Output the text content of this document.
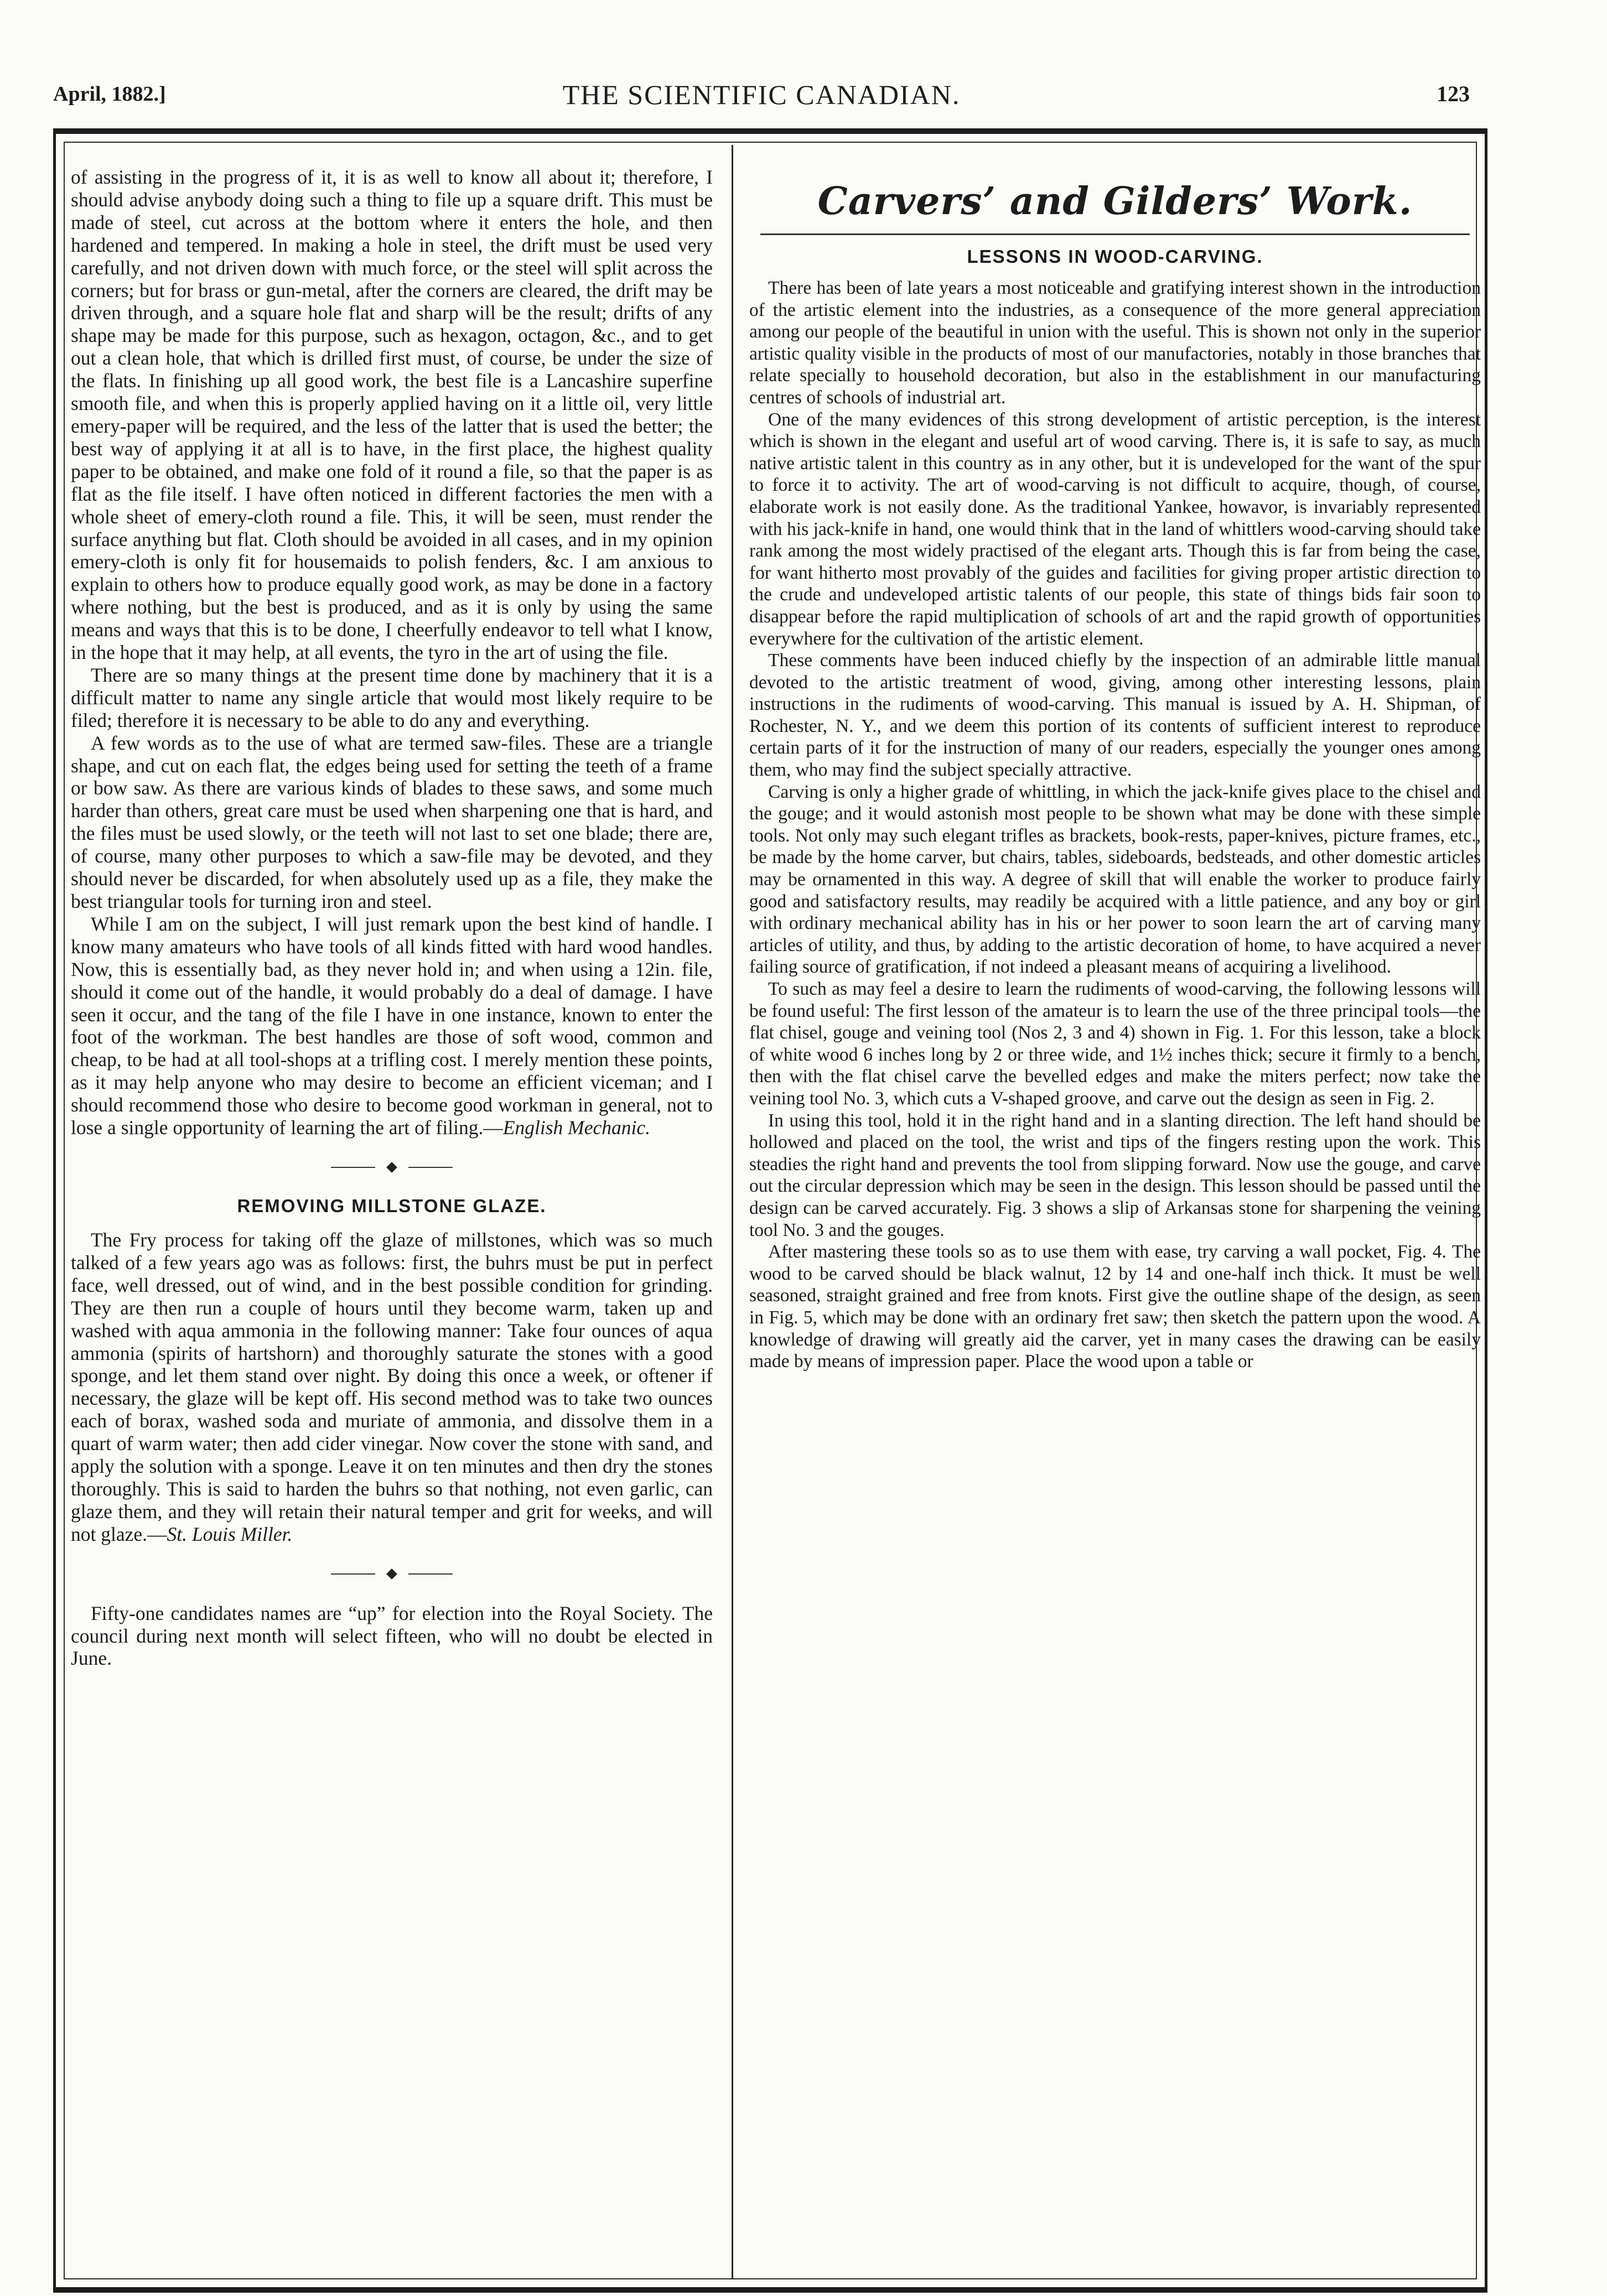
April, 1882.]	THE SCIENTIFIC CANADIAN.	123

of assisting in the progress of it, it is as well to know all about it; therefore, I should advise anybody doing such a thing to file up a square drift. This must be made of steel, cut across at the bottom where it enters the hole, and then hardened and tempered. In making a hole in steel, the drift must be used very carefully, and not driven down with much force, or the steel will split across the corners; but for brass or gun-metal, after the corners are cleared, the drift may be driven through, and a square hole flat and sharp will be the result; drifts of any shape may be made for this purpose, such as hexagon, octagon, &c., and to get out a clean hole, that which is drilled first must, of course, be under the size of the flats. In finishing up all good work, the best file is a Lancashire superfine smooth file, and when this is properly applied having on it a little oil, very little emery-paper will be required, and the less of the latter that is used the better; the best way of applying it at all is to have, in the first place, the highest quality paper to be obtained, and make one fold of it round a file, so that the paper is as flat as the file itself. I have often noticed in different factories the men with a whole sheet of emery-cloth round a file. This, it will be seen, must render the surface anything but flat. Cloth should be avoided in all cases, and in my opinion emery-cloth is only fit for housemaids to polish fenders, &c. I am anxious to explain to others how to produce equally good work, as may be done in a factory where nothing, but the best is produced, and as it is only by using the same means and ways that this is to be done, I cheerfully endeavor to tell what I know, in the hope that it may help, at all events, the tyro in the art of using the file.

There are so many things at the present time done by machinery that it is a difficult matter to name any single article that would most likely require to be filed; therefore it is necessary to be able to do any and everything.

A few words as to the use of what are termed saw-files. These are a triangle shape, and cut on each flat, the edges being used for setting the teeth of a frame or bow saw. As there are various kinds of blades to these saws, and some much harder than others, great care must be used when sharpening one that is hard, and the files must be used slowly, or the teeth will not last to set one blade; there are, of course, many other purposes to which a saw-file may be devoted, and they should never be discarded, for when absolutely used up as a file, they make the best triangular tools for turning iron and steel.

While I am on the subject, I will just remark upon the best kind of handle. I know many amateurs who have tools of all kinds fitted with hard wood handles. Now, this is essentially bad, as they never hold in; and when using a 12in. file, should it come out of the handle, it would probably do a deal of damage. I have seen it occur, and the tang of the file I have in one instance, known to enter the foot of the workman. The best handles are those of soft wood, common and cheap, to be had at all tool-shops at a trifling cost. I merely mention these points, as it may help anyone who may desire to become an efficient viceman; and I should recommend those who desire to become good workman in general, not to lose a single opportunity of learning the art of filing.—English Mechanic.

REMOVING MILLSTONE GLAZE.

The Fry process for taking off the glaze of millstones, which was so much talked of a few years ago was as follows: first, the buhrs must be put in perfect face, well dressed, out of wind, and in the best possible condition for grinding. They are then run a couple of hours until they become warm, taken up and washed with aqua ammonia in the following manner: Take four ounces of aqua ammonia (spirits of hartshorn) and thoroughly saturate the stones with a good sponge, and let them stand over night. By doing this once a week, or oftener if necessary, the glaze will be kept off. His second method was to take two ounces each of borax, washed soda and muriate of ammonia, and dissolve them in a quart of warm water; then add cider vinegar. Now cover the stone with sand, and apply the solution with a sponge. Leave it on ten minutes and then dry the stones thoroughly. This is said to harden the buhrs so that nothing, not even garlic, can glaze them, and they will retain their natural temper and grit for weeks, and will not glaze.—St. Louis Miller.

Fifty-one candidates names are “up” for election into the Royal Society. The council during next month will select fifteen, who will no doubt be elected in June.

Carvers’ and Gilders’ Work.
LESSONS IN WOOD-CARVING.

There has been of late years a most noticeable and gratifying interest shown in the introduction of the artistic element into the industries, as a consequence of the more general appreciation among our people of the beautiful in union with the useful. This is shown not only in the superior artistic quality visible in the products of most of our manufactories, notably in those branches that relate specially to household decoration, but also in the establishment in our manufacturing centres of schools of industrial art.

One of the many evidences of this strong development of artistic perception, is the interest which is shown in the elegant and useful art of wood carving. There is, it is safe to say, as much native artistic talent in this country as in any other, but it is undeveloped for the want of the spur to force it to activity. The art of wood-carving is not difficult to acquire, though, of course, elaborate work is not easily done. As the traditional Yankee, howavor, is invariably represented with his jack-knife in hand, one would think that in the land of whittlers wood-carving should take rank among the most widely practised of the elegant arts. Though this is far from being the case, for want hitherto most provably of the guides and facilities for giving proper artistic direction to the crude and undeveloped artistic talents of our people, this state of things bids fair soon to disappear before the rapid multiplication of schools of art and the rapid growth of opportunities everywhere for the cultivation of the artistic element.

These comments have been induced chiefly by the inspection of an admirable little manual devoted to the artistic treatment of wood, giving, among other interesting lessons, plain instructions in the rudiments of wood-carving. This manual is issued by A. H. Shipman, of Rochester, N. Y., and we deem this portion of its contents of sufficient interest to reproduce certain parts of it for the instruction of many of our readers, especially the younger ones among them, who may find the subject specially attractive.

Carving is only a higher grade of whittling, in which the jack-knife gives place to the chisel and the gouge; and it would astonish most people to be shown what may be done with these simple tools. Not only may such elegant trifles as brackets, book-rests, paper-knives, picture frames, etc., be made by the home carver, but chairs, tables, sideboards, bedsteads, and other domestic articles may be ornamented in this way. A degree of skill that will enable the worker to produce fairly good and satisfactory results, may readily be acquired with a little patience, and any boy or girl with ordinary mechanical ability has in his or her power to soon learn the art of carving many articles of utility, and thus, by adding to the artistic decoration of home, to have acquired a never failing source of gratification, if not indeed a pleasant means of acquiring a livelihood.

To such as may feel a desire to learn the rudiments of wood-carving, the following lessons will be found useful: The first lesson of the amateur is to learn the use of the three principal tools—the flat chisel, gouge and veining tool (Nos 2, 3 and 4) shown in Fig. 1. For this lesson, take a block of white wood 6 inches long by 2 or three wide, and 1½ inches thick; secure it firmly to a bench, then with the flat chisel carve the bevelled edges and make the miters perfect; now take the veining tool No. 3, which cuts a V-shaped groove, and carve out the design as seen in Fig. 2.

In using this tool, hold it in the right hand and in a slanting direction. The left hand should be hollowed and placed on the tool, the wrist and tips of the fingers resting upon the work. This steadies the right hand and prevents the tool from slipping forward. Now use the gouge, and carve out the circular depression which may be seen in the design. This lesson should be passed until the design can be carved accurately. Fig. 3 shows a slip of Arkansas stone for sharpening the veining tool No. 3 and the gouges.

After mastering these tools so as to use them with ease, try carving a wall pocket, Fig. 4. The wood to be carved should be black walnut, 12 by 14 and one-half inch thick. It must be well seasoned, straight grained and free from knots. First give the outline shape of the design, as seen in Fig. 5, which may be done with an ordinary fret saw; then sketch the pattern upon the wood. A knowledge of drawing will greatly aid the carver, yet in many cases the drawing can be easily made by means of impression paper. Place the wood upon a table or
